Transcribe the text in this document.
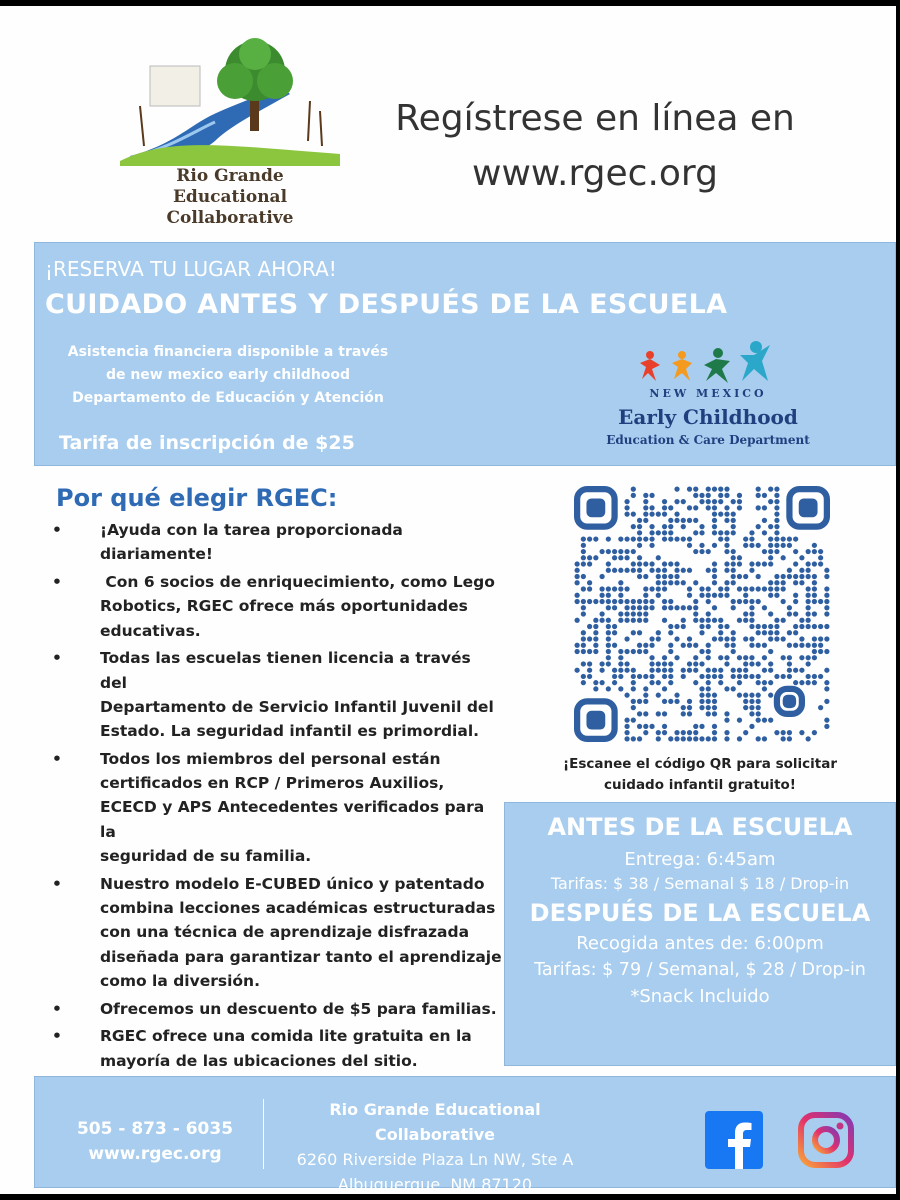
Rio Grande
Educational
Collaborative
Regístrese en línea en
www.rgec.org
¡RESERVA TU LUGAR AHORA!
CUIDADO ANTES Y DESPUÉS DE LA ESCUELA
Asistencia financiera disponible a través
de new mexico early childhood
Departamento de Educación y Atención
Tarifa de inscripción de $25
NEW MEXICO
Early Childhood
Education & Care Department
Por qué elegir RGEC:
• ¡Ayuda con la tarea proporcionada
diariamente!
• Con 6 socios de enriquecimiento, como Lego
Robotics, RGEC ofrece más oportunidades
educativas.
• Todas las escuelas tienen licencia a través del
Departamento de Servicio Infantil Juvenil del
Estado. La seguridad infantil es primordial.
• Todos los miembros del personal están
certificados en RCP / Primeros Auxilios,
ECECD y APS Antecedentes verificados para la
seguridad de su familia.
• Nuestro modelo E-CUBED único y patentado
combina lecciones académicas estructuradas
con una técnica de aprendizaje disfrazada
diseñada para garantizar tanto el aprendizaje
como la diversión.
• Ofrecemos un descuento de $5 para familias.
• RGEC ofrece una comida lite gratuita en la
mayoría de las ubicaciones del sitio.
¡Escanee el código QR para solicitar
cuidado infantil gratuito!
ANTES DE LA ESCUELA
Entrega: 6:45am
Tarifas: $ 38 / Semanal $ 18 / Drop-in
DESPUÉS DE LA ESCUELA
Recogida antes de: 6:00pm
Tarifas: $ 79 / Semanal, $ 28 / Drop-in
*Snack Incluido
505 - 873 - 6035
www.rgec.org
Rio Grande Educational Collaborative
6260 Riverside Plaza Ln NW, Ste A
Albuquerque, NM 87120
